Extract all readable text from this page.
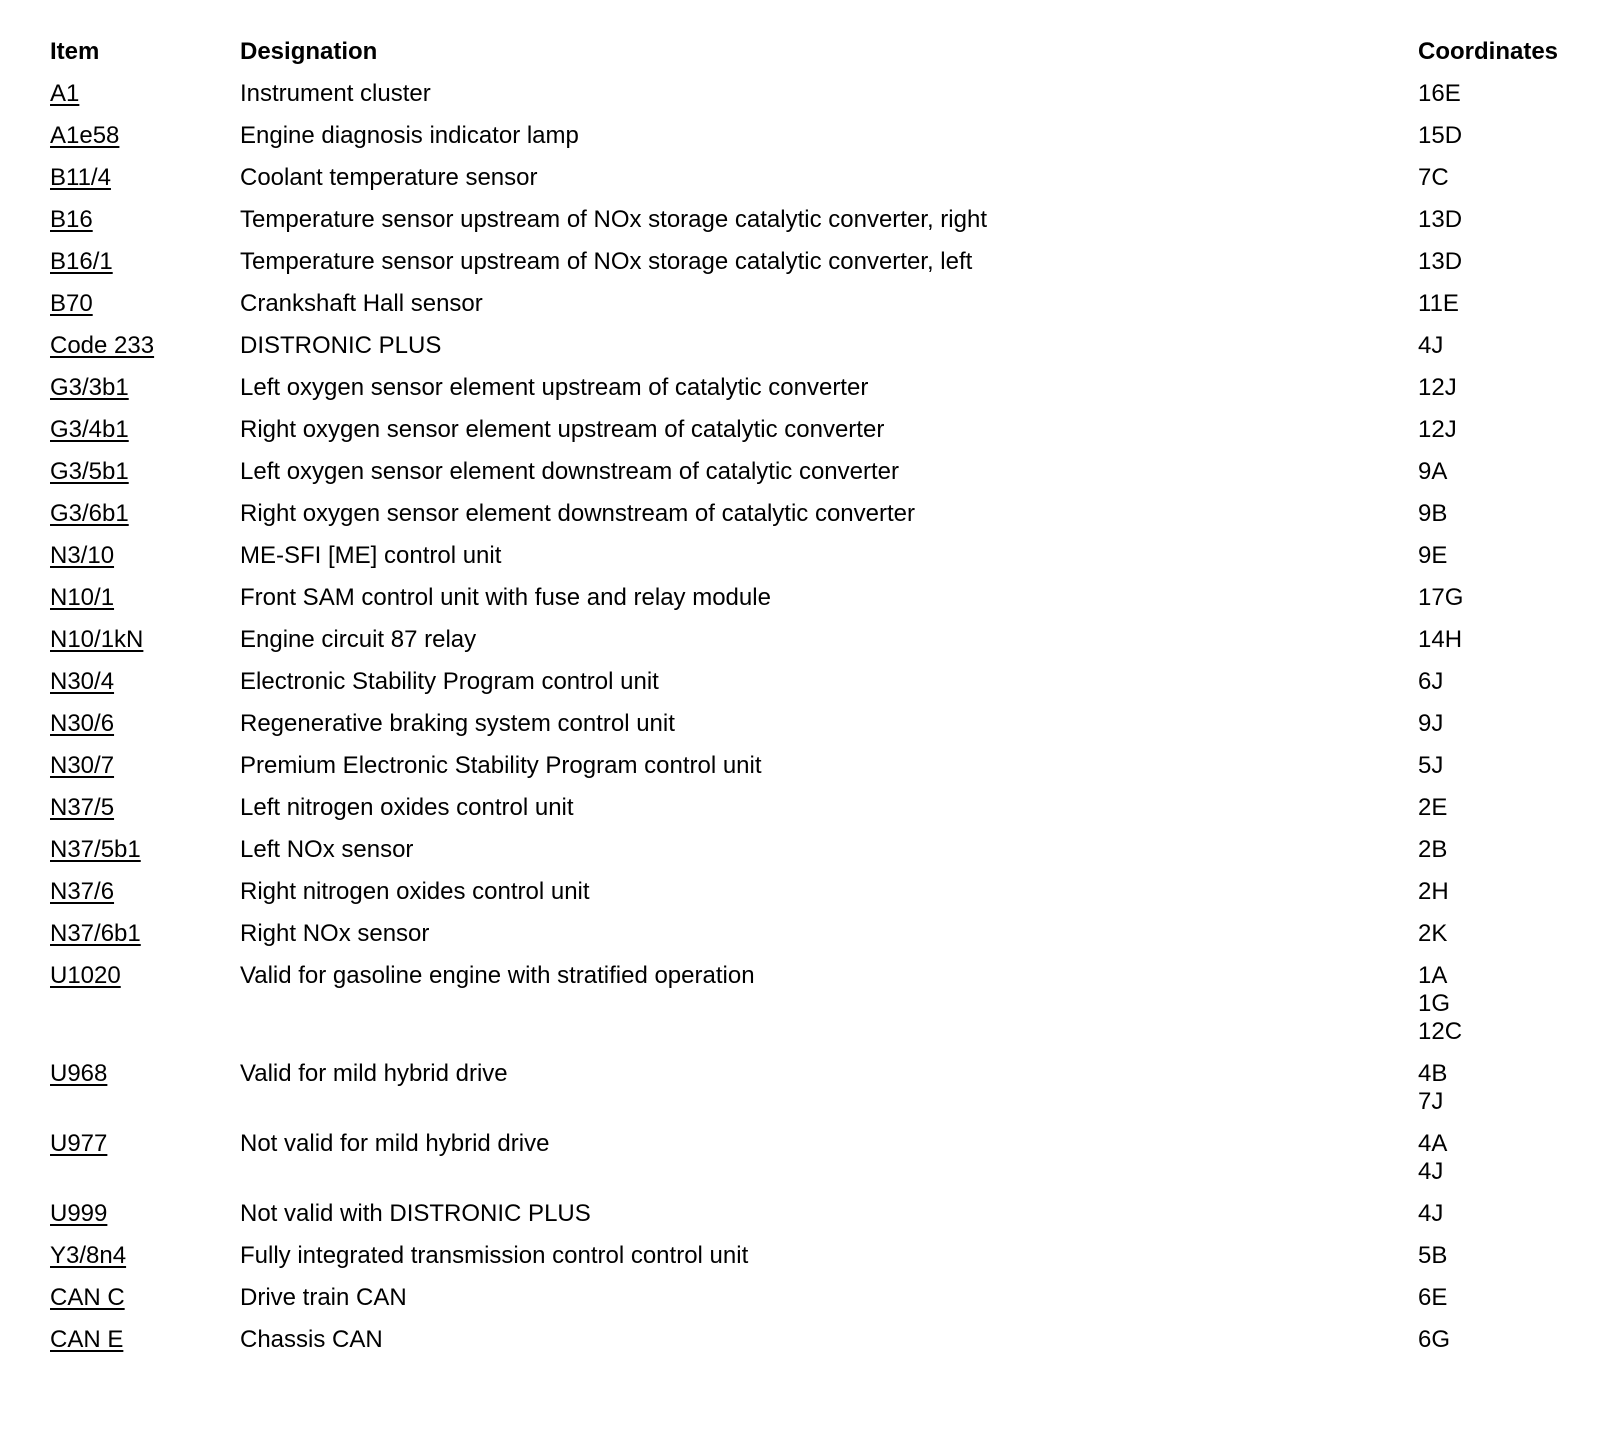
Item	Designation	Coordinates
A1	Instrument cluster	16E

A1e58	Engine diagnosis indicator lamp	15D

B11/4	Coolant temperature sensor	7C

B16	Temperature sensor upstream of NOx storage catalytic converter, right	13D

B16/1	Temperature sensor upstream of NOx storage catalytic converter, left	13D

B70	Crankshaft Hall sensor	11E

Code 233	DISTRONIC PLUS	4J

G3/3b1	Left oxygen sensor element upstream of catalytic converter	12J

G3/4b1	Right oxygen sensor element upstream of catalytic converter	12J

G3/5b1	Left oxygen sensor element downstream of catalytic converter	9A

G3/6b1	Right oxygen sensor element downstream of catalytic converter	9B

N3/10	ME-SFI [ME] control unit	9E

N10/1	Front SAM control unit with fuse and relay module	17G

N10/1kN	Engine circuit 87 relay	14H

N30/4	Electronic Stability Program control unit	6J

N30/6	Regenerative braking system control unit	9J

N30/7	Premium Electronic Stability Program control unit	5J

N37/5	Left nitrogen oxides control unit	2E

N37/5b1	Left NOx sensor	2B

N37/6	Right nitrogen oxides control unit	2H

N37/6b1	Right NOx sensor	2K

U1020	Valid for gasoline engine with stratified operation	1A
1G
12C

U968	Valid for mild hybrid drive	4B
7J

U977	Not valid for mild hybrid drive	4A
4J

U999	Not valid with DISTRONIC PLUS	4J

Y3/8n4	Fully integrated transmission control control unit	5B

CAN C	Drive train CAN	6E

CAN E	Chassis CAN	6G
